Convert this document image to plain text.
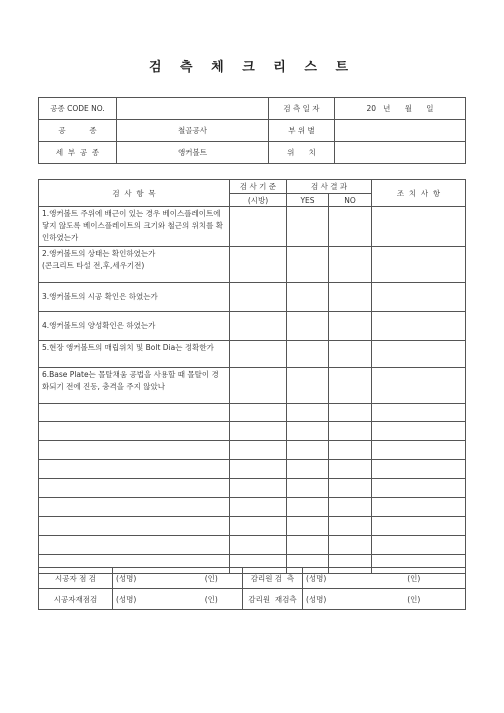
검 측 체 크 리 스 트
공종 CODE NO.		검 측 일 자	20   년      월      일
공          종	철골공사	부 위 별	
세  부  공  종	앵커볼트	위      치	
검  사  항  목	검 사 기 준	검 사 결 과		조  치  사  항
	(시방)	YES	NO	
1.앵커볼트 주위에 배근이 있는 경우 베이스플레이트에 닿지 않도록 베이스플레이트의 크기와 철근의 위치를 확인하였는가				
2.앵커볼트의 상태는 확인하였는가
(콘크리트 타설 전,후,세우기전)				
3.앵커볼트의 시공 확인은 하였는가				
4.앵커볼트의 양성확인은 하였는가				
5.현장 앵커볼트의 매립위치 및 Bolt Dia는 정확한가				
6.Base Plate는 몰탈채움 공법을 사용할 때 몰탈이 경화되기 전에 진동, 충격을 주지 않았나				

시공자 점 검	(성명)	(인)	감리원 검  측	(성명)	(인)
시공자재점검	(성명)	(인)	감리원  재검측	(성명)	(인)
